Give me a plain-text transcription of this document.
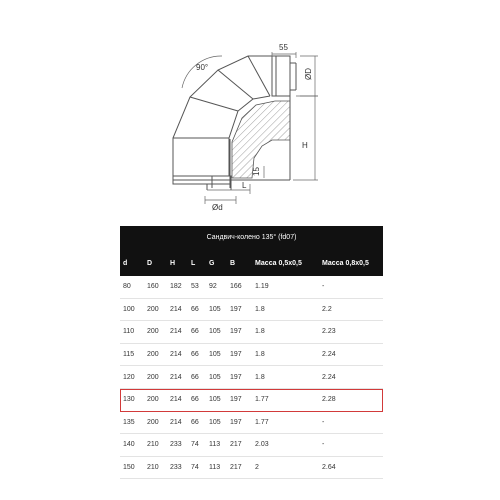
90°
55
ØD
H
15
L
Ød
Сандвич-колено 135° (fd07)
d	D	H L G B	Масса 0,5х0,5	Масса 0,8х0,5
80 160 182 53 92 166 1.19	-
100 200 214 66 105 197 1.8	2.2
110 200 214 66 105 197 1.8	2.23
115 200 214 66 105 197 1.8	2.24
120 200 214 66 105 197 1.8	2.24
130 200 214 66 105 197 1.77	2.28
135 200 214 66 105 197 1.77	-
140 210 233 74 113 217 2.03	-
150 210 233 74 113 217 2	2.64
